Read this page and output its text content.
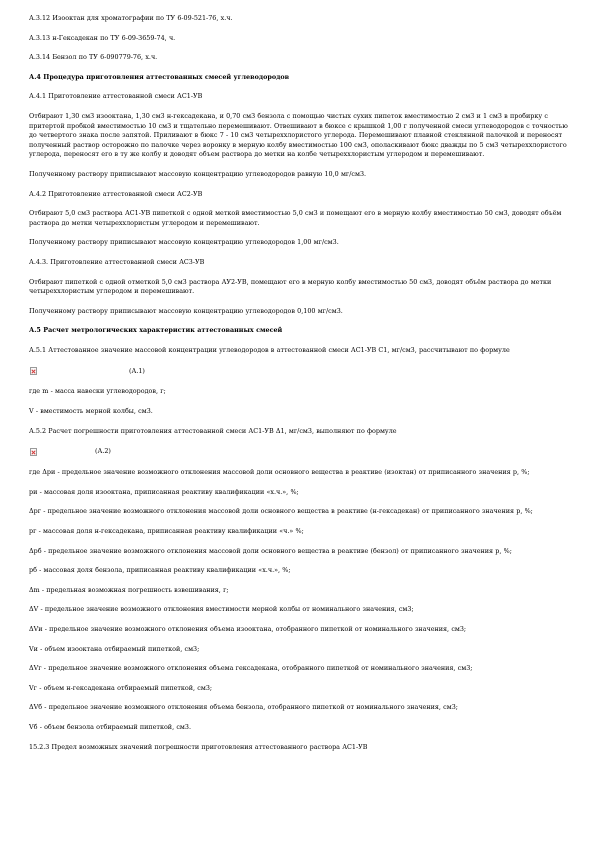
А.3.12 Изооктан для хроматографии по ТУ 6-09-521-76, х.ч.

А.3.13 н-Гексадекан по ТУ 6-09-3659-74, ч.

А.3.14 Бензол по ТУ 6-090779-76, х.ч.

А.4 Процедура приготовления аттестованных смесей углеводородов

А.4.1 Приготовление аттестованной смеси АС1-УВ

Отбирают 1,30 см3 изооктана, 1,30 см3 н-гексадекана, и 0,70 см3 бензола с помощью чистых сухих пипеток вместимостью 2 см3 и 1 см3 в пробирку с притертой пробкой вместимостью 10 см3 и тщательно перемешивают. Отвешивают в бюксе с крышкой 1,00 г полученной смеси углеводородов с точностью до четвертого знака после запятой. Приливают в бюкс 7 - 10 см3 четыреххлористого углерода. Перемешивают плавной стеклянной палочкой и переносят полученный раствор осторожно по палочке через воронку в мерную колбу вместимостью 100 см3, ополаскивают бюкс дважды по 5 см3 четыреххлористого углерода, переносят его в ту же колбу и доводят объем раствора до метки на колбе четыреххлористым углеродом и перемешивают.

Полученному раствору приписывают массовую концентрацию углеводородов равную 10,0 мг/см3.

А.4.2 Приготовление аттестованной смеси АС2-УВ

Отбирают 5,0 см3 раствора АС1-УВ пипеткой с одной меткой вместимостью 5,0 см3 и помещают его в мерную колбу вместимостью 50 см3, доводят объём раствора до метки четыреххлористым углеродом и перемешивают.

Полученному раствору приписывают массовую концентрацию углеводородов 1,00 мг/см3.

А.4.3. Приготовление аттестованной смеси АС3-УВ

Отбирают пипеткой с одной отметкой 5,0 см3 раствора АУ2-УВ, помещают его в мерную колбу вместимостью 50 см3, доводят объём раствора до метки четыреххлористым углеродом и перемешивают.

Полученному раствору приписывают массовую концентрацию углеводородов 0,100 мг/см3.

А.5 Расчет метрологических характеристик аттестованных смесей

А.5.1 Аттестованное значение массовой концентрации углеводородов в аттестованной смеси АС1-УВ С1, мг/см3, рассчитывают по формуле

(А.1)

где m - масса навески углеводородов, г;

V - вместимость мерной колбы, см3.

А.5.2 Расчет погрешности приготовления аттестованной смеси АС1-УВ Δ1, мг/см3, выполняют по формуле

(А.2)

где Δри - предельное значение возможного отклонения массовой доли основного вещества в реактиве (изоктан) от приписанного значения р, %;

ри - массовая доля изооктана, приписанная реактиву квалификации «х.ч.», %;

Δрг - предельное значение возможного отклонения массовой доли основного вещества в реактиве (н-гексадекан) от приписанного значения р, %;

рг - массовая доля н-гексадекана, приписанная реактиву квалификации «ч.» %;

Δрб - предельное значение возможного отклонения массовой доли основного вещества в реактиве (бензол) от приписанного значения р, %;

рб - массовая доля бензола, приписанная реактиву квалификации «х.ч.», %;

Δm - предельная возможная погрешность взвешивания, г;

ΔV - предельное значение возможного отклонения вместимости мерной колбы от номинального значения, см3;

ΔVи - предельное значение возможного отклонения объема изооктана, отобранного пипеткой от номинального значения, см3;

Vи - объем изооктана отбираемый пипеткой, см3;

ΔVг - предельное значение возможного отклонения объема гексадекана, отобранного пипеткой от номинального значения, см3;

Vг - объем н-гексадекана отбираемый пипеткой, см3;

ΔVб - предельное значение возможного отклонения объема бензола, отобранного пипеткой от номинального значения, см3;

Vб - объем бензола отбираемый пипеткой, см3.

15.2.3 Предел возможных значений погрешности приготовления аттестованного раствора АС1-УВ
